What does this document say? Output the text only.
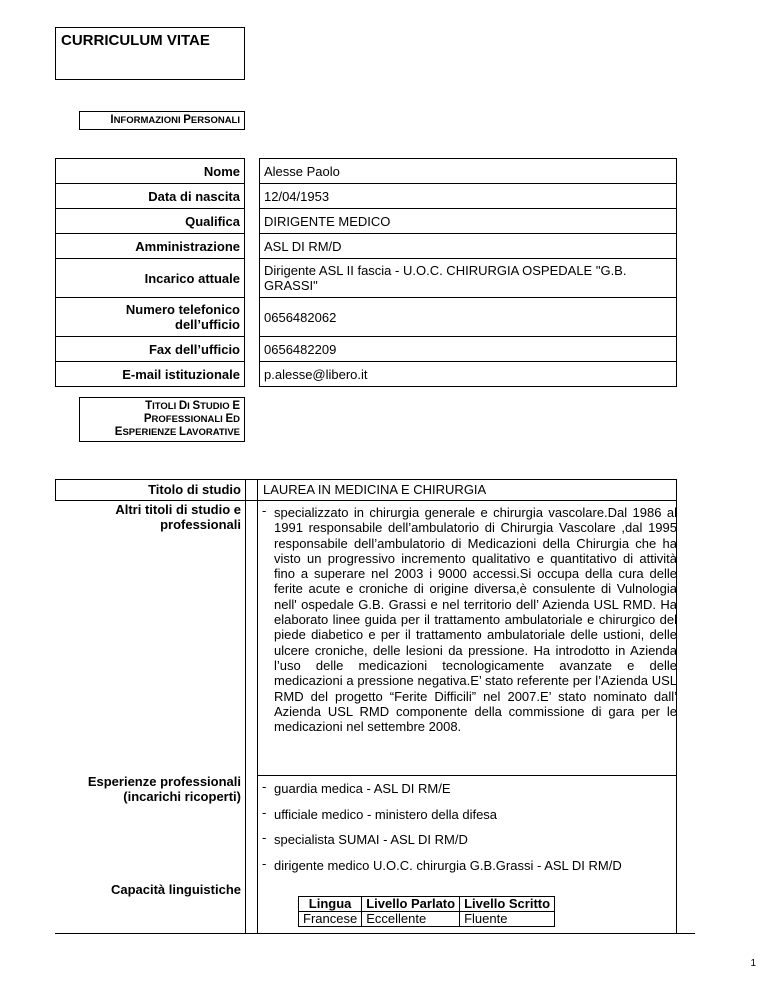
CURRICULUM VITAE
INFORMAZIONI PERSONALI
Nome		Alesse Paolo
Data di nascita		12/04/1953
Qualifica		DIRIGENTE MEDICO
Amministrazione		ASL DI RM/D
Incarico attuale		Dirigente ASL II fascia - U.O.C. CHIRURGIA OSPEDALE "G.B. GRASSI"
Numero telefonico dell’ufficio		0656482062
Fax dell’ufficio		0656482209
E-mail istituzionale		p.alesse@libero.it
TITOLI DI STUDIO E
PROFESSIONALI ED
ESPERIENZE LAVORATIVE
Titolo di studio LAUREA IN MEDICINA E CHIRURGIA
Altri titoli di studio e professionali
- specializzato in chirurgia generale e chirurgia vascolare.Dal 1986 al 1991 responsabile dell’ambulatorio di Chirurgia Vascolare ,dal 1995 responsabile dell’ambulatorio di Medicazioni della Chirurgia che ha visto un progressivo incremento qualitativo e quantitativo di attività fino a superare nel 2003 i 9000 accessi.Si occupa della cura delle ferite acute e croniche di origine diversa,è consulente di Vulnologia nell' ospedale G.B. Grassi e nel territorio dell’ Azienda USL RMD. Ha elaborato linee guida per il trattamento ambulatoriale e chirurgico del piede diabetico e per il trattamento ambulatoriale delle ustioni, delle ulcere croniche, delle lesioni da pressione. Ha introdotto in Azienda l’uso delle medicazioni tecnologicamente avanzate e delle medicazioni a pressione negativa.E’ stato referente per l’Azienda USL RMD del progetto “Ferite Difficili” nel 2007.E’ stato nominato dall’ Azienda USL RMD componente della commissione di gara per le medicazioni nel settembre 2008.
Esperienze professionali (incarichi ricoperti)
- guardia medica - ASL DI RM/E
- ufficiale medico - ministero della difesa
- specialista SUMAI - ASL DI RM/D
- dirigente medico U.O.C. chirurgia G.B.Grassi - ASL DI RM/D
Capacità linguistiche
Lingua	Livello Parlato	Livello Scritto
Francese	Eccellente	Fluente
1
